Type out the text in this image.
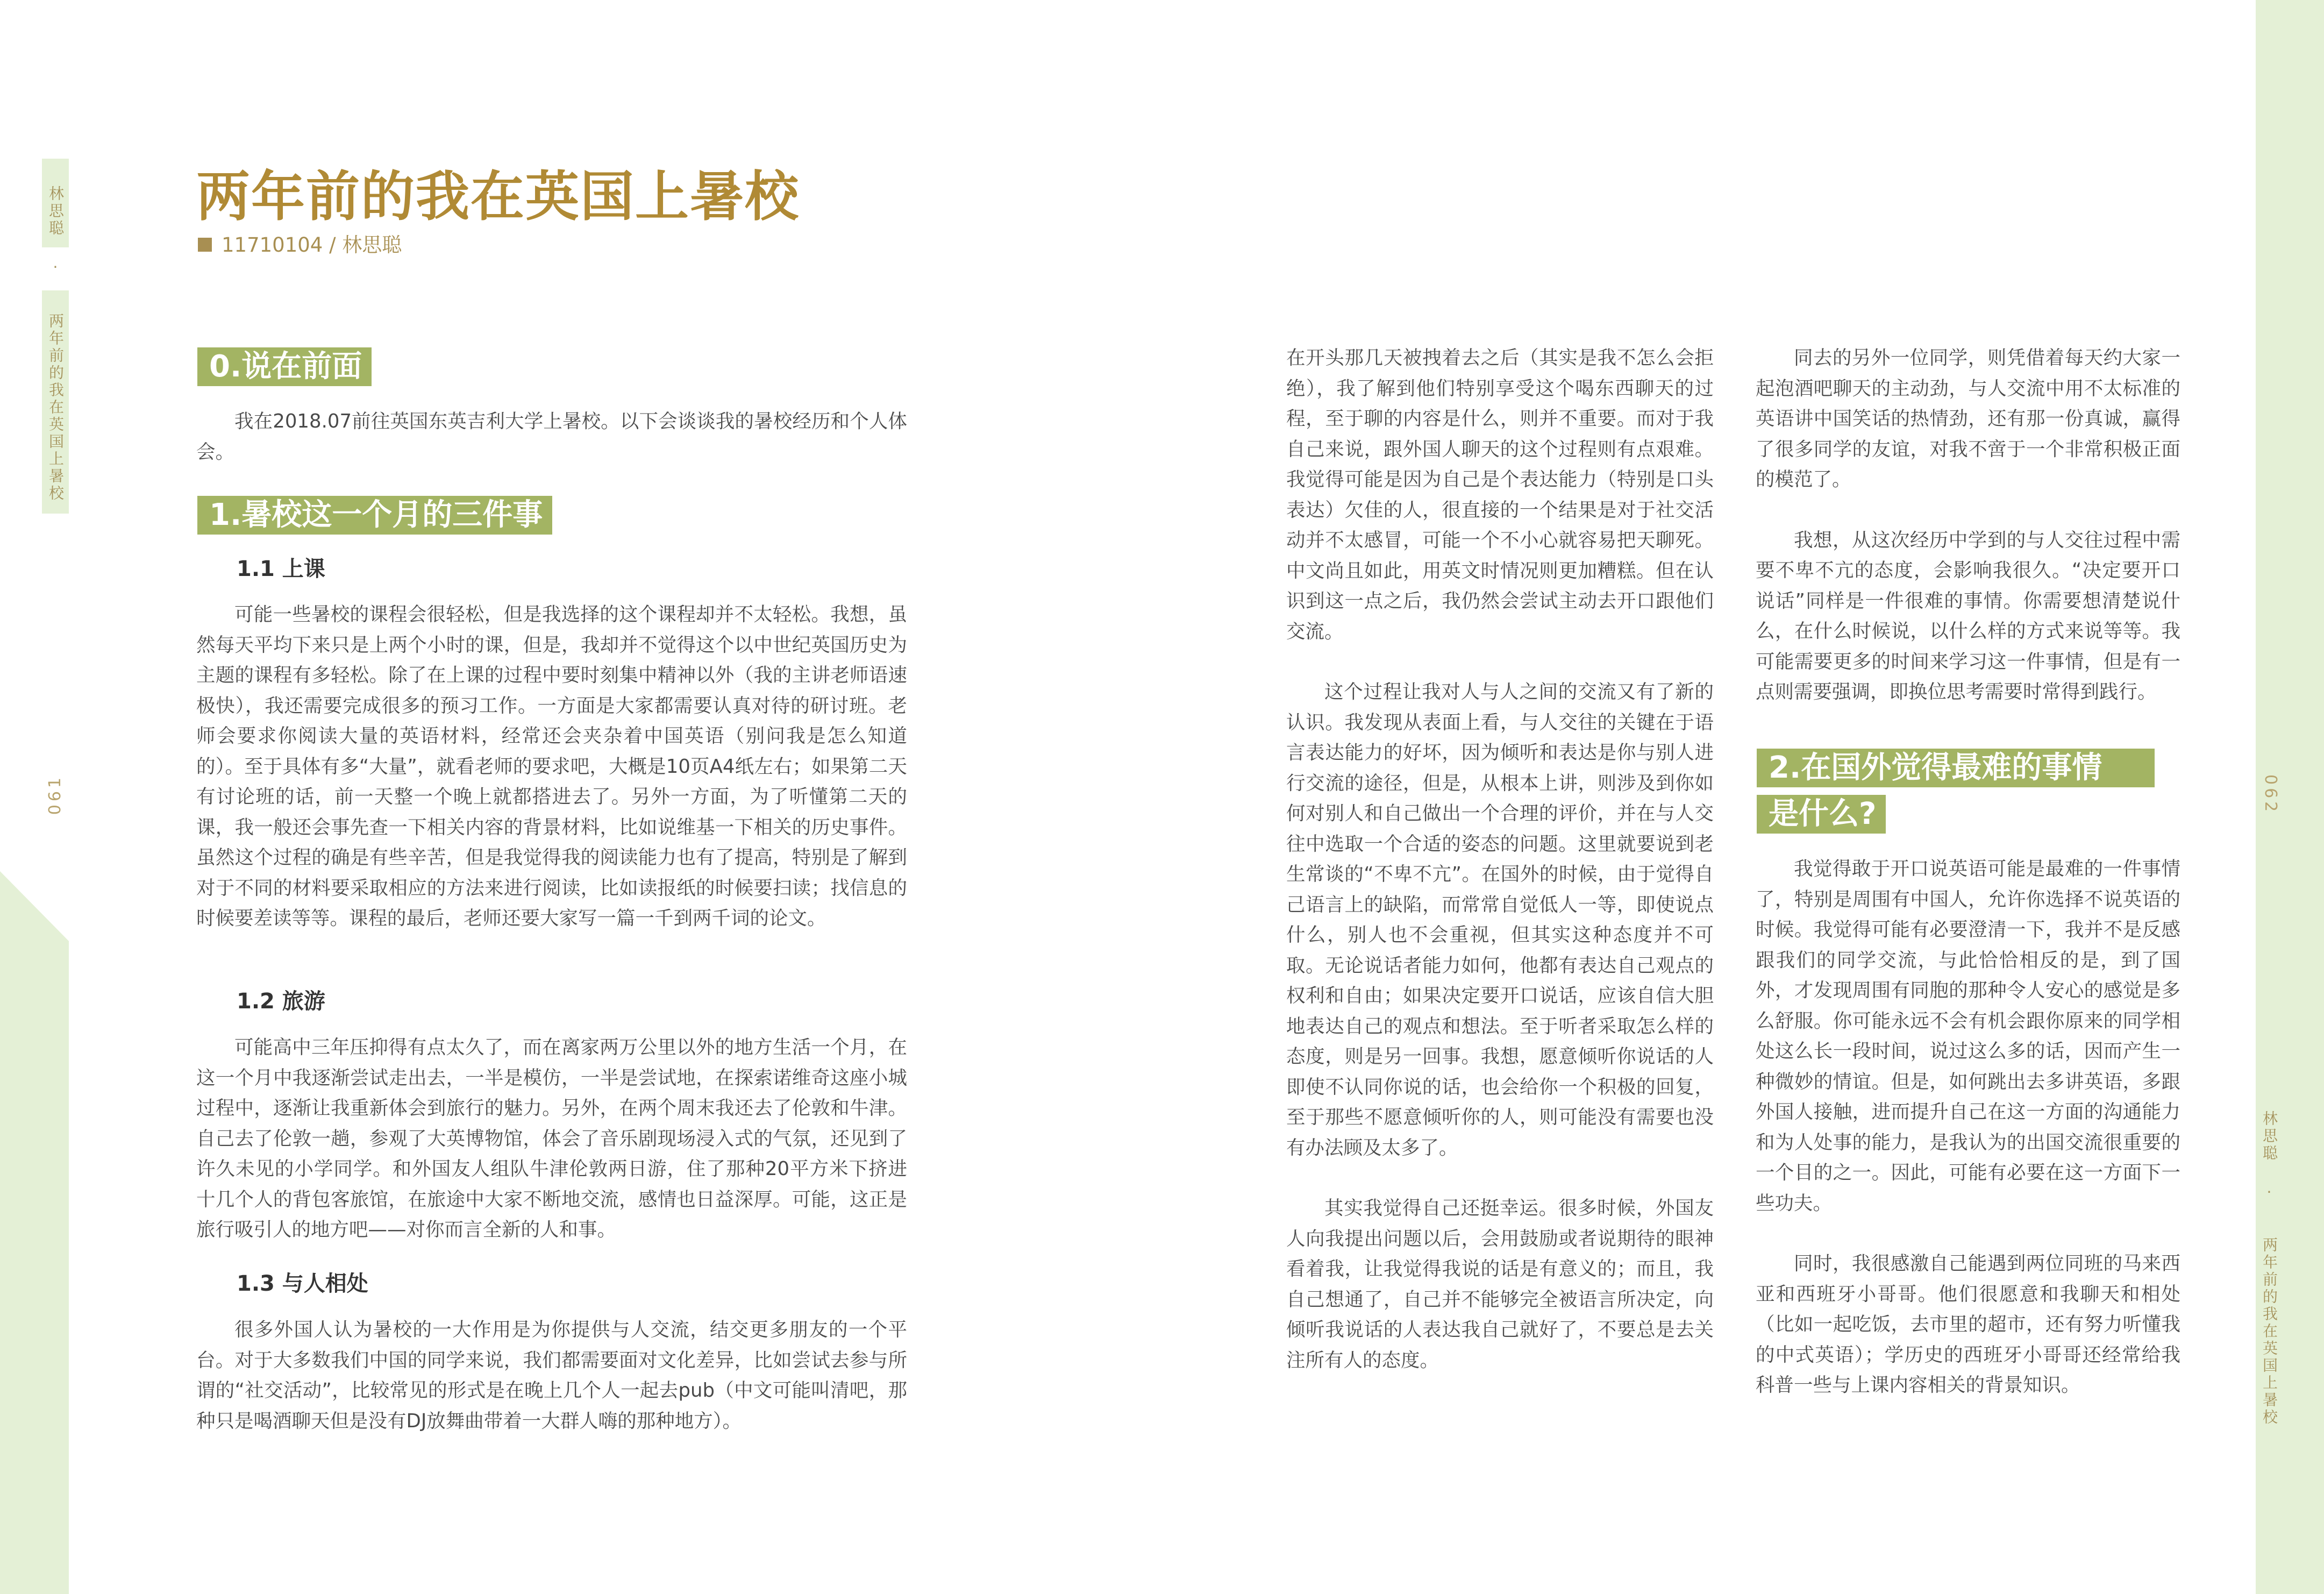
林思聪
·
两年前的我在英国上暑校
林思聪
·
两年前的我在英国上暑校
061	062
两年前的我在英国上暑校
11710104 / 林思聪
0.说在前面

我在2018.07前往英国东英吉利大学上暑校。以下会谈谈我的暑校经历和个人体会。

1.暑校这一个月的三件事
1.1 上课

可能一些暑校的课程会很轻松，但是我选择的这个课程却并不太轻松。我想，虽然每天平均下来只是上两个小时的课，但是，我却并不觉得这个以中世纪英国历史为主题的课程有多轻松。除了在上课的过程中要时刻集中精神以外（我的主讲老师语速极快），我还需要完成很多的预习工作。一方面是大家都需要认真对待的研讨班。老师会要求你阅读大量的英语材料，经常还会夹杂着中国英语（别问我是怎么知道的）。至于具体有多“大量”，就看老师的要求吧，大概是10页A4纸左右；如果第二天有讨论班的话，前一天整一个晚上就都搭进去了。另外一方面，为了听懂第二天的课，我一般还会事先查一下相关内容的背景材料，比如说维基一下相关的历史事件。虽然这个过程的确是有些辛苦，但是我觉得我的阅读能力也有了提高，特别是了解到对于不同的材料要采取相应的方法来进行阅读，比如读报纸的时候要扫读；找信息的时候要差读等等。课程的最后，老师还要大家写一篇一千到两千词的论文。

1.2 旅游

可能高中三年压抑得有点太久了，而在离家两万公里以外的地方生活一个月，在这一个月中我逐渐尝试走出去，一半是模仿，一半是尝试地，在探索诺维奇这座小城过程中，逐渐让我重新体会到旅行的魅力。另外，在两个周末我还去了伦敦和牛津。自己去了伦敦一趟，参观了大英博物馆，体会了音乐剧现场浸入式的气氛，还见到了许久未见的小学同学。和外国友人组队牛津伦敦两日游，住了那种20平方米下挤进十几个人的背包客旅馆，在旅途中大家不断地交流，感情也日益深厚。可能，这正是旅行吸引人的地方吧——对你而言全新的人和事。

1.3 与人相处

很多外国人认为暑校的一大作用是为你提供与人交流，结交更多朋友的一个平台。对于大多数我们中国的同学来说，我们都需要面对文化差异，比如尝试去参与所谓的“社交活动”，比较常见的形式是在晚上几个人一起去pub（中文可能叫清吧，那种只是喝酒聊天但是没有DJ放舞曲带着一大群人嗨的那种地方）。

在开头那几天被拽着去之后（其实是我不怎么会拒绝），我了解到他们特别享受这个喝东西聊天的过程，至于聊的内容是什么，则并不重要。而对于我自己来说，跟外国人聊天的这个过程则有点艰难。我觉得可能是因为自己是个表达能力（特别是口头表达）欠佳的人，很直接的一个结果是对于社交活动并不太感冒，可能一个不小心就容易把天聊死。中文尚且如此，用英文时情况则更加糟糕。但在认识到这一点之后，我仍然会尝试主动去开口跟他们交流。

这个过程让我对人与人之间的交流又有了新的认识。我发现从表面上看，与人交往的关键在于语言表达能力的好坏，因为倾听和表达是你与别人进行交流的途径，但是，从根本上讲，则涉及到你如何对别人和自己做出一个合理的评价，并在与人交往中选取一个合适的姿态的问题。这里就要说到老生常谈的“不卑不亢”。在国外的时候，由于觉得自己语言上的缺陷，而常常自觉低人一等，即使说点什么，别人也不会重视，但其实这种态度并不可取。无论说话者能力如何，他都有表达自己观点的权利和自由；如果决定要开口说话，应该自信大胆地表达自己的观点和想法。至于听者采取怎么样的态度，则是另一回事。我想，愿意倾听你说话的人即使不认同你说的话，也会给你一个积极的回复，至于那些不愿意倾听你的人，则可能没有需要也没有办法顾及太多了。

其实我觉得自己还挺幸运。很多时候，外国友人向我提出问题以后，会用鼓励或者说期待的眼神看着我，让我觉得我说的话是有意义的；而且，我自己想通了，自己并不能够完全被语言所决定，向倾听我说话的人表达我自己就好了，不要总是去关注所有人的态度。

同去的另外一位同学，则凭借着每天约大家一起泡酒吧聊天的主动劲，与人交流中用不太标准的英语讲中国笑话的热情劲，还有那一份真诚，赢得了很多同学的友谊，对我不啻于一个非常积极正面的模范了。

我想，从这次经历中学到的与人交往过程中需要不卑不亢的态度，会影响我很久。“决定要开口说话”同样是一件很难的事情。你需要想清楚说什么，在什么时候说，以什么样的方式来说等等。我可能需要更多的时间来学习这一件事情，但是有一点则需要强调，即换位思考需要时常得到践行。

2.在国外觉得最难的事情
是什么?

我觉得敢于开口说英语可能是最难的一件事情了，特别是周围有中国人，允许你选择不说英语的时候。我觉得可能有必要澄清一下，我并不是反感跟我们的同学交流，与此恰恰相反的是，到了国外，才发现周围有同胞的那种令人安心的感觉是多么舒服。你可能永远不会有机会跟你原来的同学相处这么长一段时间，说过这么多的话，因而产生一种微妙的情谊。但是，如何跳出去多讲英语，多跟外国人接触，进而提升自己在这一方面的沟通能力和为人处事的能力，是我认为的出国交流很重要的一个目的之一。因此，可能有必要在这一方面下一些功夫。

同时，我很感激自己能遇到两位同班的马来西亚和西班牙小哥哥。他们很愿意和我聊天和相处（比如一起吃饭，去市里的超市，还有努力听懂我的中式英语）；学历史的西班牙小哥哥还经常给我科普一些与上课内容相关的背景知识。
